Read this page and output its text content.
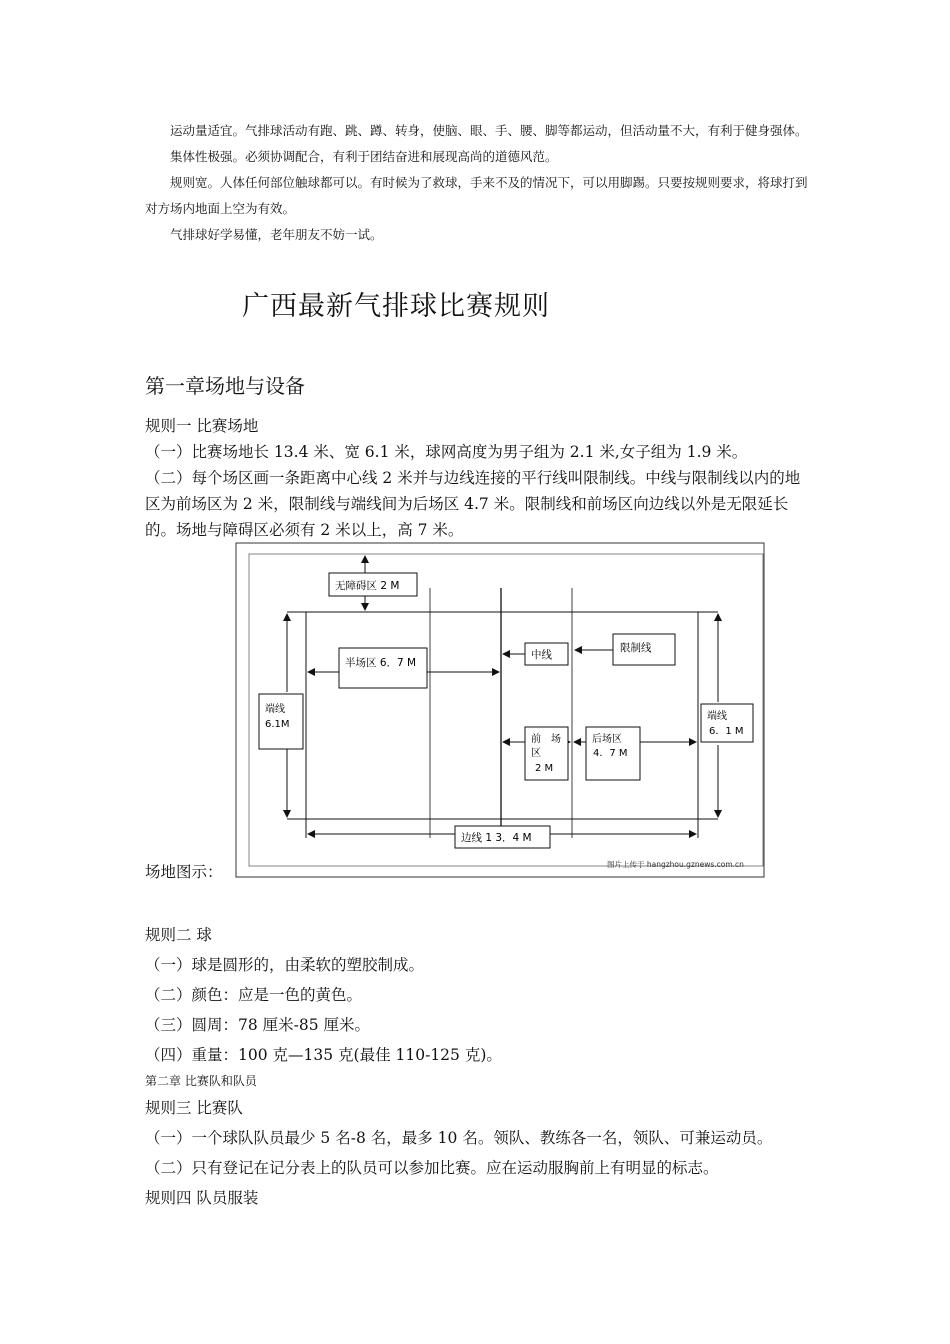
运动量适宜。气排球活动有跑、跳、蹲、转身，使脑、眼、手、腰、脚等都运动，但活动量不大，有利于健身强体。

集体性极强。必须协调配合，有利于团结奋进和展现高尚的道德风范。

规则宽。人体任何部位触球都可以。有时候为了救球，手来不及的情况下，可以用脚踢。只要按规则要求，将球打到对方场内地面上空为有效。

气排球好学易懂，老年朋友不妨一试。

广西最新气排球比赛规则
第一章场地与设备

规则一 比赛场地

（一）比赛场地长 13.4 米、宽 6.1 米，球网高度为男子组为 2.1 米,女子组为 1.9 米。

（二）每个场区画一条距离中心线 2 米并与边线连接的平行线叫限制线。中线与限制线以内的地区为前场区为 2 米，限制线与端线间为后场区 4.7 米。限制线和前场区向边线以外是无限延长的。场地与障碍区必须有 2 米以上，高 7 米。

无障碍区 2 M
半场区 6．7 M
中线
限制线
端线
6.1M
端线
6．1 M
前　场
区
2 M
后场区
4．7 M
边线 1 3．4 M
图片上传于 hangzhou.gznews.com.cn
场地图示：

规则二 球

（一）球是圆形的，由柔软的塑胶制成。

（二）颜色：应是一色的黄色。

（三）圆周：78 厘米-85 厘米。

（四）重量：100 克—135 克(最佳 110-125 克)。

第二章 比赛队和队员

规则三 比赛队

（一）一个球队队员最少 5 名-8 名，最多 10 名。领队、教练各一名，领队、可兼运动员。

（二）只有登记在记分表上的队员可以参加比赛。应在运动服胸前上有明显的标志。

规则四 队员服装
